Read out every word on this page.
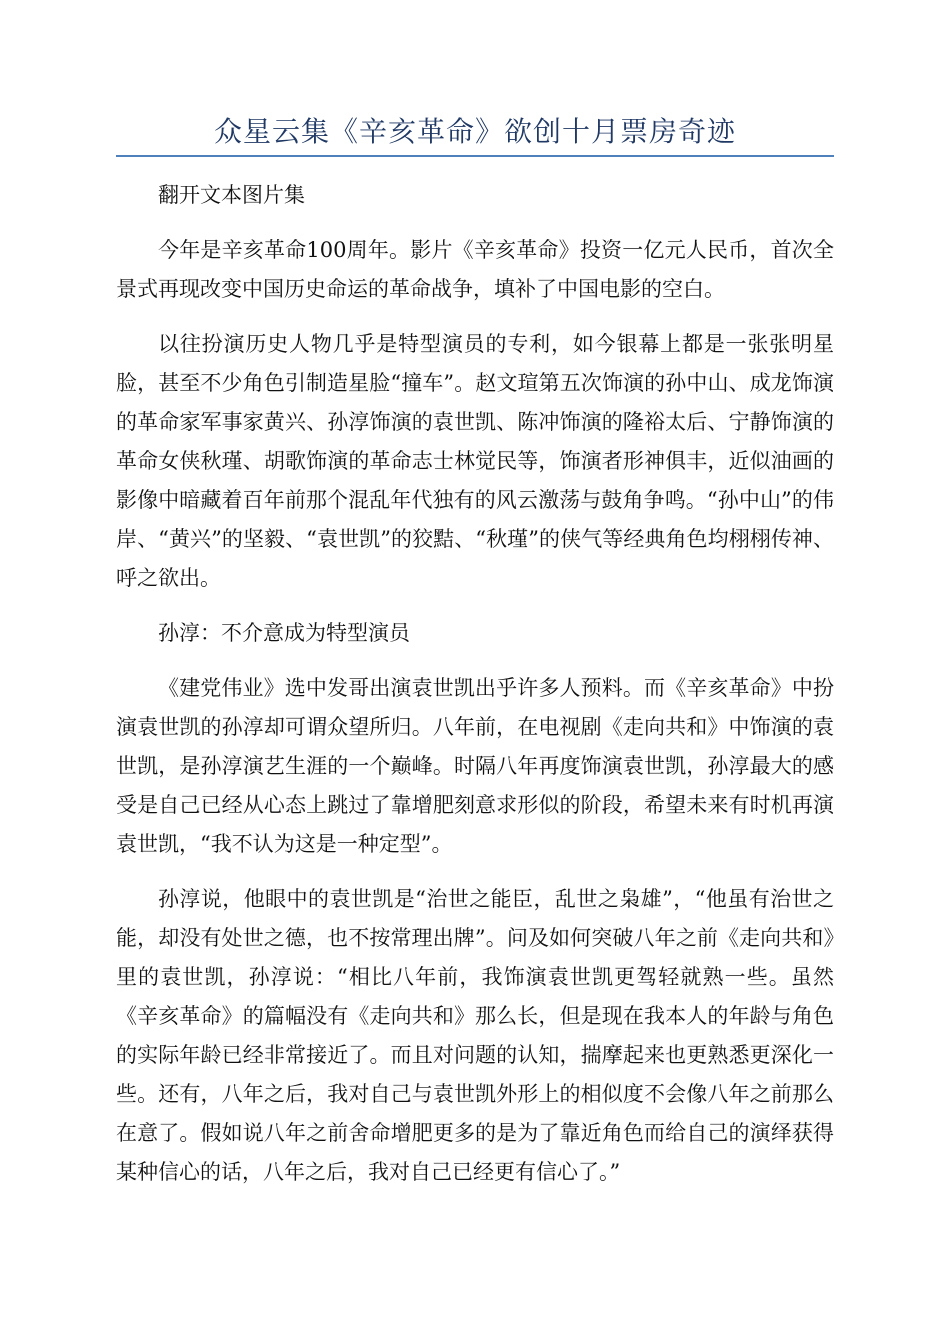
众星云集《辛亥革命》欲创十月票房奇迹

翻开文本图片集

今年是辛亥革命100周年。影片《辛亥革命》投资一亿元人民币，首次全景式再现改变中国历史命运的革命战争，填补了中国电影的空白。

以往扮演历史人物几乎是特型演员的专利，如今银幕上都是一张张明星脸，甚至不少角色引制造星脸“撞车”。赵文瑄第五次饰演的孙中山、成龙饰演的革命家军事家黄兴、孙淳饰演的袁世凯、陈冲饰演的隆裕太后、宁静饰演的革命女侠秋瑾、胡歌饰演的革命志士林觉民等，饰演者形神俱丰，近似油画的影像中暗藏着百年前那个混乱年代独有的风云激荡与鼓角争鸣。“孙中山”的伟岸、“黄兴”的坚毅、“袁世凯”的狡黠、“秋瑾”的侠气等经典角色均栩栩传神、呼之欲出。

孙淳：不介意成为特型演员

《建党伟业》选中发哥出演袁世凯出乎许多人预料。而《辛亥革命》中扮演袁世凯的孙淳却可谓众望所归。八年前，在电视剧《走向共和》中饰演的袁世凯，是孙淳演艺生涯的一个巅峰。时隔八年再度饰演袁世凯，孙淳最大的感受是自己已经从心态上跳过了靠增肥刻意求形似的阶段，希望未来有时机再演袁世凯，“我不认为这是一种定型”。

孙淳说，他眼中的袁世凯是“治世之能臣，乱世之枭雄”，“他虽有治世之能，却没有处世之德，也不按常理出牌”。问及如何突破八年之前《走向共和》里的袁世凯，孙淳说：“相比八年前，我饰演袁世凯更驾轻就熟一些。虽然《辛亥革命》的篇幅没有《走向共和》那么长，但是现在我本人的年龄与角色的实际年龄已经非常接近了。而且对问题的认知，揣摩起来也更熟悉更深化一些。还有，八年之后，我对自己与袁世凯外形上的相似度不会像八年之前那么在意了。假如说八年之前舍命增肥更多的是为了靠近角色而给自己的演绎获得某种信心的话，八年之后，我对自己已经更有信心了。”
